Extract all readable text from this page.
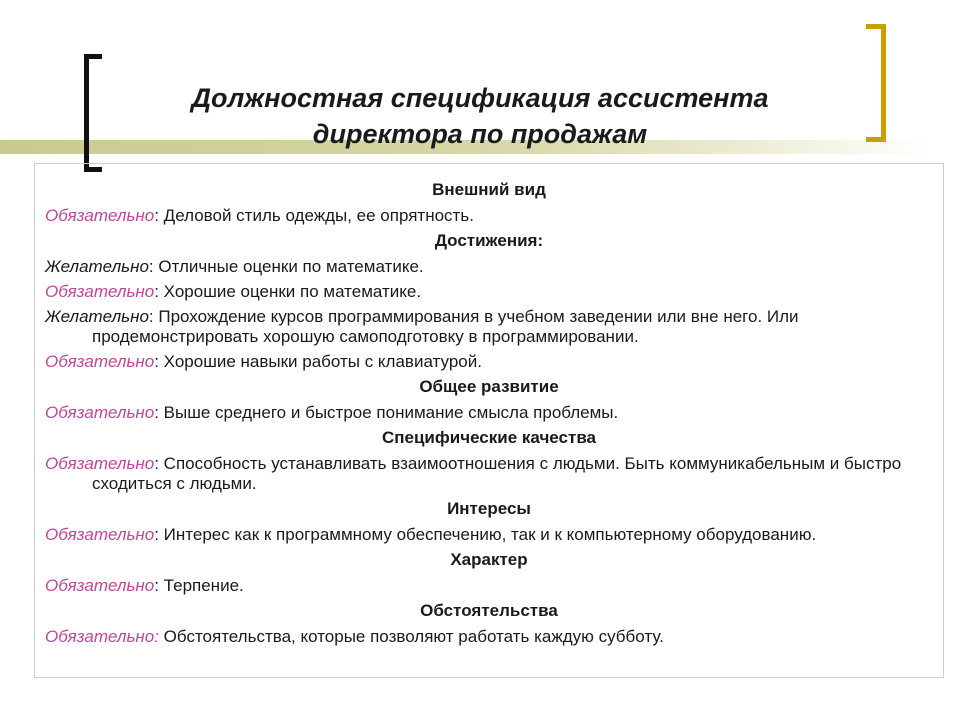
Должностная спецификация ассистента
директора по продажам
Внешний вид
Обязательно: Деловой стиль одежды, ее опрятность.
Достижения:
Желательно: Отличные оценки по математике.
Обязательно: Хорошие оценки по математике.
Желательно: Прохождение курсов программирования в учебном заведении или вне него. Или продемонстрировать хорошую самоподготовку в программировании.
Обязательно: Хорошие навыки работы с клавиатурой.
Общее развитие
Обязательно: Выше среднего и быстрое понимание смысла проблемы.
Специфические качества
Обязательно: Способность устанавливать взаимоотношения с людьми. Быть коммуникабельным и быстро сходиться с людьми.
Интересы
Обязательно: Интерес как к программному обеспечению, так и к компьютерному оборудованию.
Характер
Обязательно: Терпение.
Обстоятельства
Обязательно: Обстоятельства, которые позволяют работать каждую субботу.
